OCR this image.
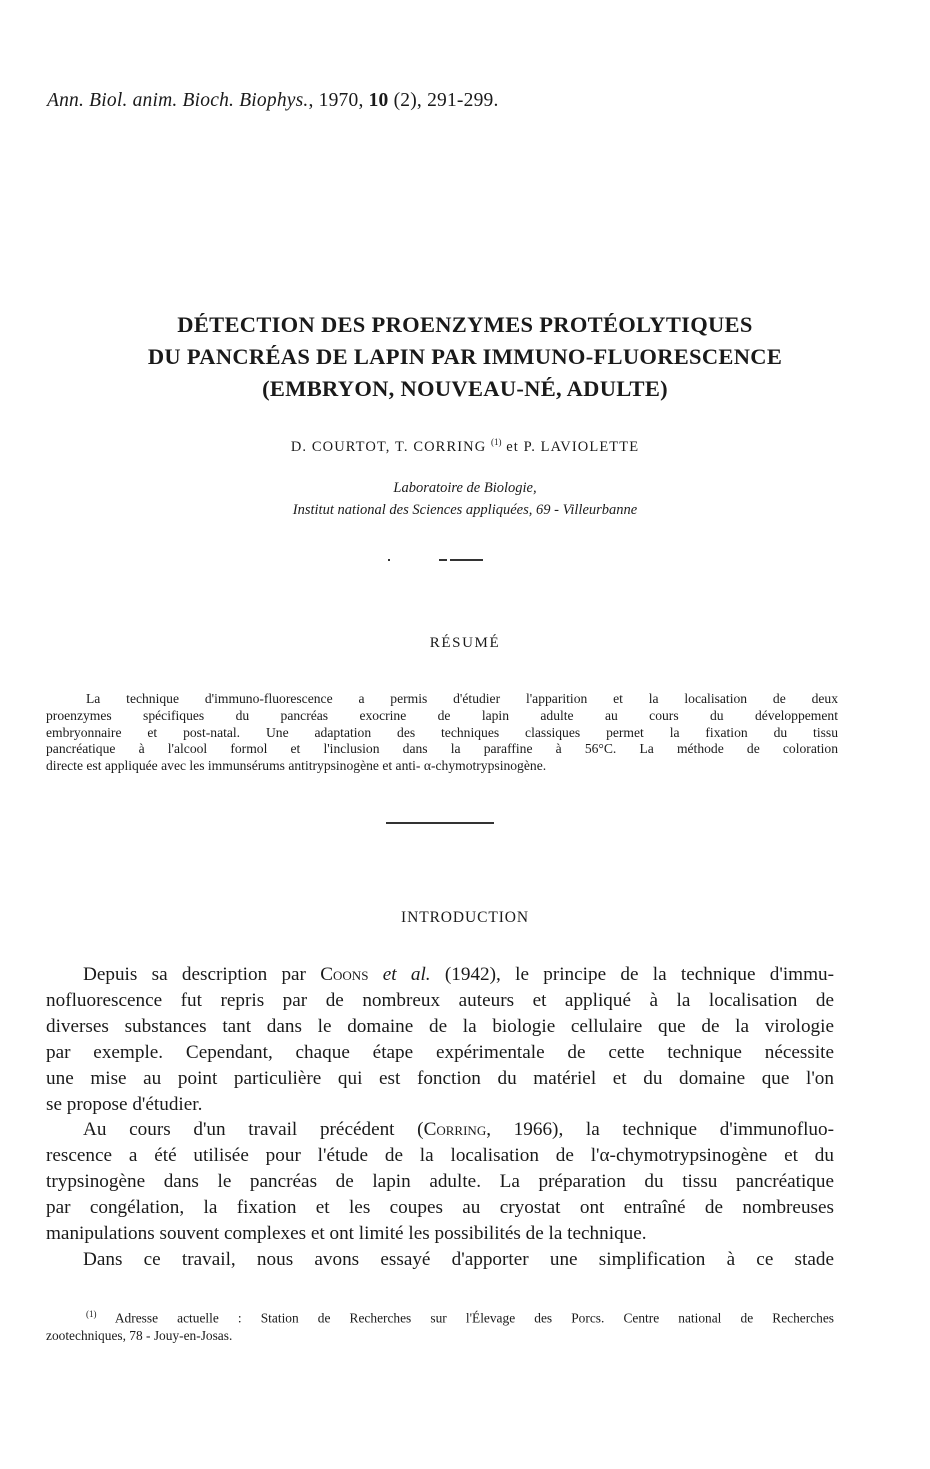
Ann. Biol. anim. Bioch. Biophys., 1970, 10 (2), 291-299.
DÉTECTION DES PROENZYMES PROTÉOLYTIQUES
DU PANCRÉAS DE LAPIN PAR IMMUNO-FLUORESCENCE
(EMBRYON, NOUVEAU-NÉ, ADULTE)
D. COURTOT, T. CORRING $^{(1)}$ et P. LAVIOLETTE
Laboratoire de Biologie,
Institut national des Sciences appliquées, 69 - Villeurbanne
RÉSUMÉ
La technique d'immuno-fluorescence a permis d'étudier l'apparition et la localisation de deux
proenzymes spécifiques du pancréas exocrine de lapin adulte au cours du développement
embryonnaire et post-natal. Une adaptation des techniques classiques permet la fixation du tissu
pancréatique à l'alcool formol et l'inclusion dans la paraffine à 56°C. La méthode de coloration
directe est appliquée avec les immunsérums antitrypsinogène et anti- α-chymotrypsinogène.
INTRODUCTION
Depuis sa description par Coons et al. (1942), le principe de la technique d'immu-
nofluorescence fut repris par de nombreux auteurs et appliqué à la localisation de
diverses substances tant dans le domaine de la biologie cellulaire que de la virologie
par exemple. Cependant, chaque étape expérimentale de cette technique nécessite
une mise au point particulière qui est fonction du matériel et du domaine que l'on
se propose d'étudier.
Au cours d'un travail précédent (Corring, 1966), la technique d'immunofluo-
rescence a été utilisée pour l'étude de la localisation de l'α-chymotrypsinogène et du
trypsinogène dans le pancréas de lapin adulte. La préparation du tissu pancréatique
par congélation, la fixation et les coupes au cryostat ont entraîné de nombreuses
manipulations souvent complexes et ont limité les possibilités de la technique.
Dans ce travail, nous avons essayé d'apporter une simplification à ce stade
$^{(1)}$ Adresse actuelle : Station de Recherches sur l'Élevage des Porcs. Centre national de Recherches
zootechniques, 78 - Jouy-en-Josas.
